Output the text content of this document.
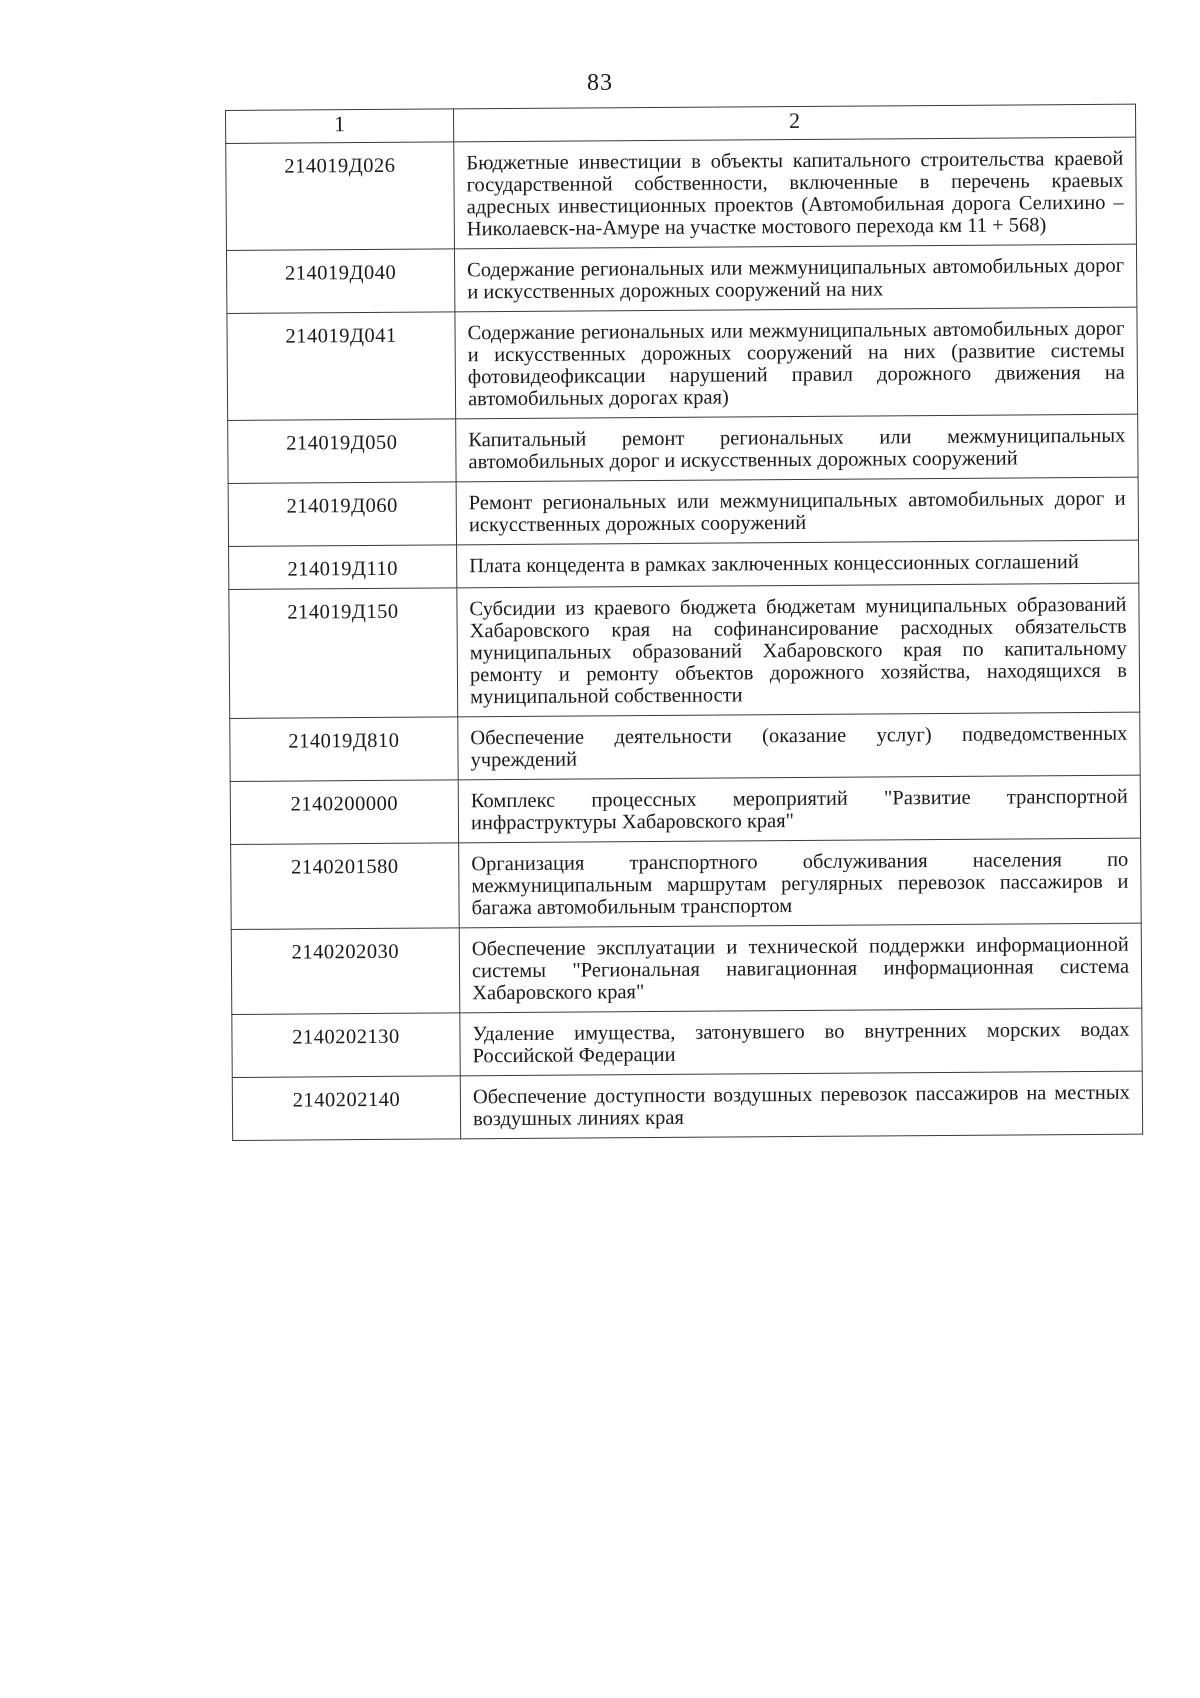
83
1	2
214019Д026	Бюджетные инвестиции в объекты капитального строительства краевой государственной собственности, включенные в перечень краевых адресных инвестиционных проектов (Автомобильная дорога Селихино – Николаевск-на-Амуре на участке мостового перехода км 11 + 568)
214019Д040	Содержание региональных или межмуниципальных автомобильных дорог и искусственных дорожных сооружений на них
214019Д041	Содержание региональных или межмуниципальных автомобильных дорог и искусственных дорожных сооружений на них (развитие системы фотовидеофиксации нарушений правил дорожного движения на автомобильных дорогах края)
214019Д050	Капитальный ремонт региональных или межмуниципальных автомобильных дорог и искусственных дорожных сооружений
214019Д060	Ремонт региональных или межмуниципальных автомобильных дорог и искусственных дорожных сооружений
214019Д110	Плата концедента в рамках заключенных концессионных соглашений
214019Д150	Субсидии из краевого бюджета бюджетам муниципальных образований Хабаровского края на софинансирование расходных обязательств муниципальных образований Хабаровского края по капитальному ремонту и ремонту объектов дорожного хозяйства, находящихся в муниципальной собственности
214019Д810	Обеспечение деятельности (оказание услуг) подведомственных учреждений
2140200000	Комплекс процессных мероприятий "Развитие транспортной инфраструктуры Хабаровского края"
2140201580	Организация транспортного обслуживания населения по межмуниципальным маршрутам регулярных перевозок пассажиров и багажа автомобильным транспортом
2140202030	Обеспечение эксплуатации и технической поддержки информационной системы "Региональная навигационная информационная система Хабаровского края"
2140202130	Удаление имущества, затонувшего во внутренних морских водах Российской Федерации
2140202140	Обеспечение доступности воздушных перевозок пассажиров на местных воздушных линиях края
